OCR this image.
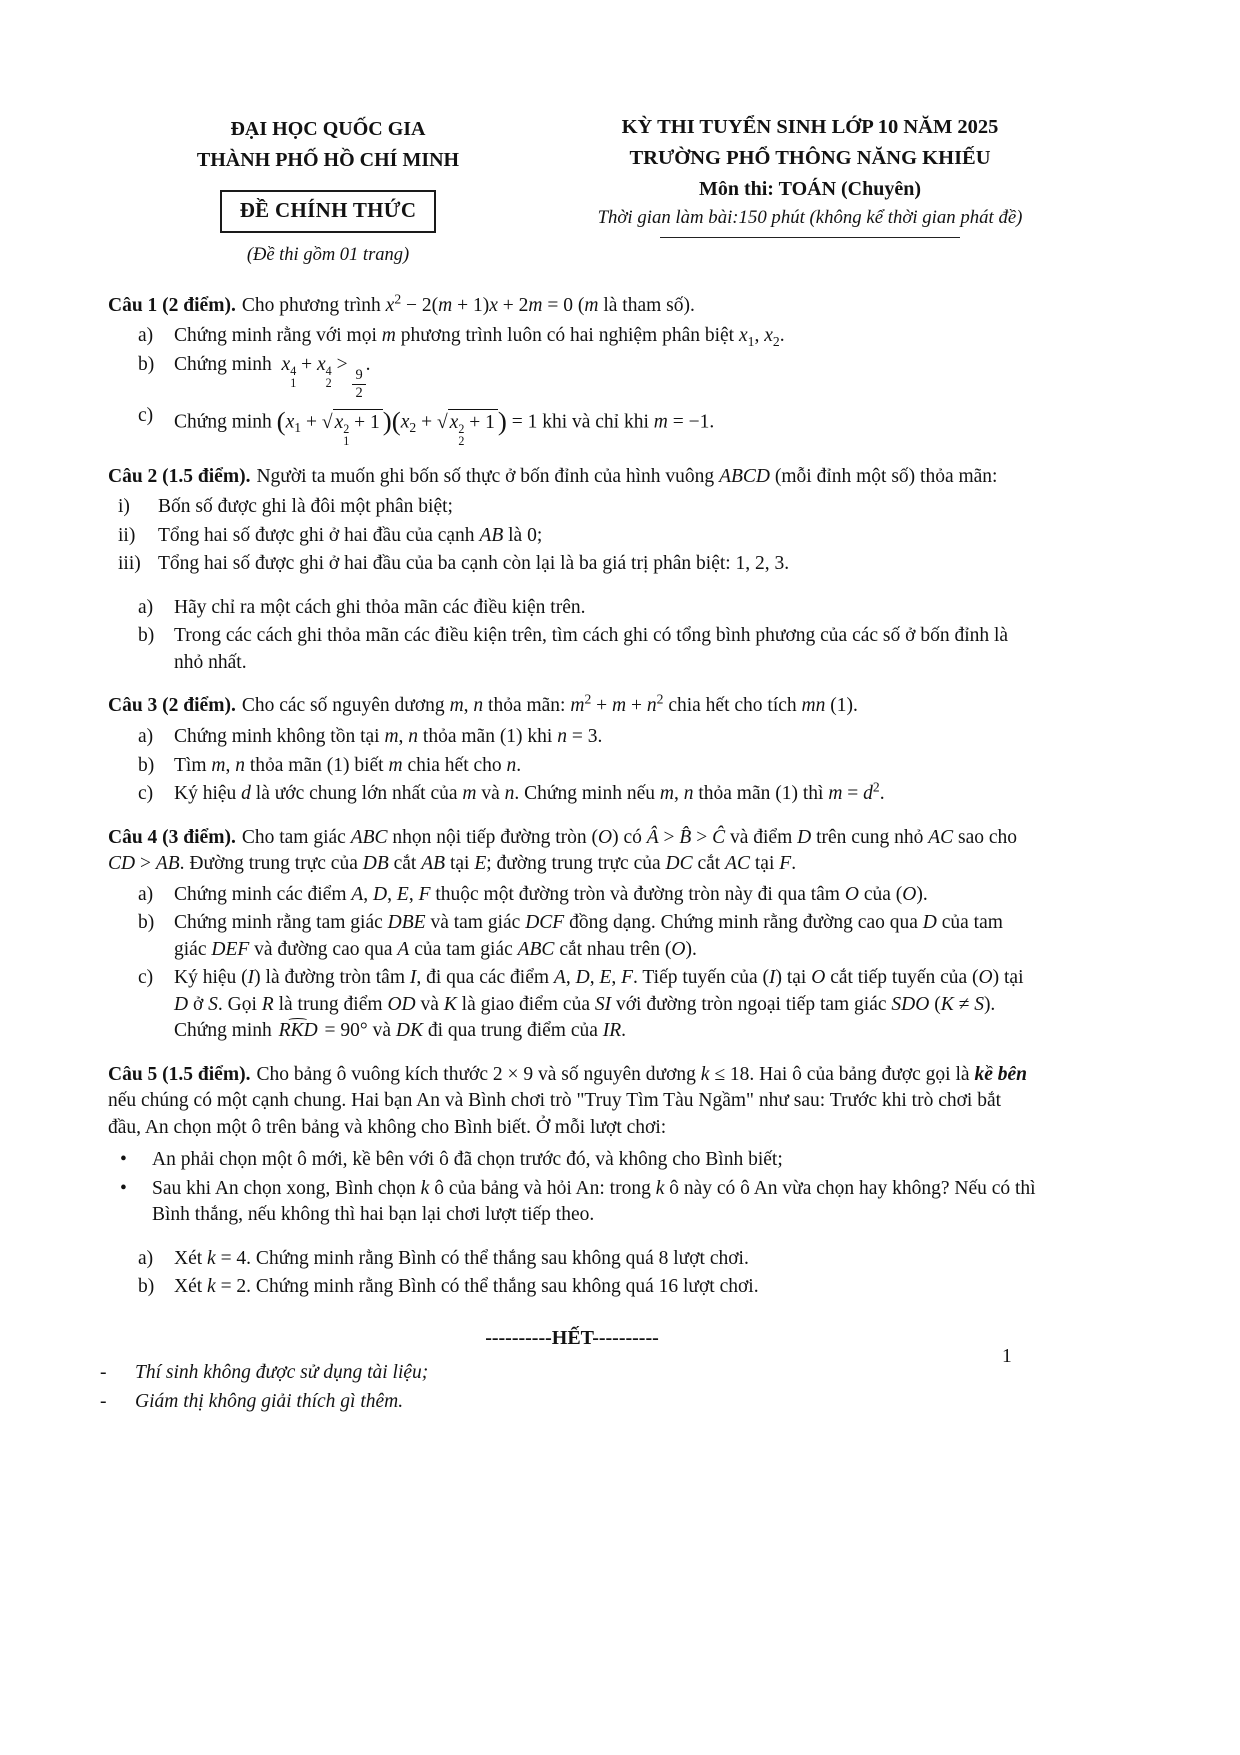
ĐẠI HỌC QUỐC GIA
THÀNH PHỐ HỒ CHÍ MINH
ĐỀ CHÍNH THỨC
(Đề thi gồm 01 trang)
KỲ THI TUYỂN SINH LỚP 10 NĂM 2025
TRƯỜNG PHỔ THÔNG NĂNG KHIẾU
Môn thi: TOÁN (Chuyên)
Thời gian làm bài:150 phút (không kể thời gian phát đề)

Câu 1 (2 điểm). Cho phương trình $x^2 - 2(m + 1)x + 2m = 0$ (m là tham số).

a)	Chứng minh rằng với mọi m phương trình luôn có hai nghiệm phân biệt $x_1$, $x_2$.
b)	Chứng minh  x 4
1
+ x 4
2
>
$\frac{9}{2}$
.
c)	Chứng minh ($x_1$ + √ x 2
1
+ 1 )($x_2$ + √ x 2
2
+ 1 ) = 1 khi và chỉ khi m = −1.

Câu 2 (1.5 điểm). Người ta muốn ghi bốn số thực ở bốn đỉnh của hình vuông ABCD (mỗi đỉnh một số) thỏa mãn:

i)	Bốn số được ghi là đôi một phân biệt;
ii)	Tổng hai số được ghi ở hai đầu của cạnh AB là 0;
iii) Tổng hai số được ghi ở hai đầu của ba cạnh còn lại là ba giá trị phân biệt: 1, 2, 3.
a)	Hãy chỉ ra một cách ghi thỏa mãn các điều kiện trên.
b)	Trong các cách ghi thỏa mãn các điều kiện trên, tìm cách ghi có tổng bình phương của các số ở bốn đỉnh là nhỏ nhất.

Câu 3 (2 điểm). Cho các số nguyên dương m, n thỏa mãn: $m^2 + m + n^2$ chia hết cho tích mn (1).

a)	Chứng minh không tồn tại m, n thỏa mãn (1) khi n = 3.
b)	Tìm m, n thỏa mãn (1) biết m chia hết cho n.
c)	Ký hiệu d là ước chung lớn nhất của m và n. Chứng minh nếu m, n thỏa mãn (1) thì $m = d^2$.

Câu 4 (3 điểm). Cho tam giác ABC nhọn nội tiếp đường tròn (O) có Â > B̂ > Ĉ và điểm D trên cung nhỏ AC sao cho CD > AB. Đường trung trực của DB cắt AB tại E; đường trung trực của DC cắt AC tại F.

a)	Chứng minh các điểm A, D, E, F thuộc một đường tròn và đường tròn này đi qua tâm O của (O).
b)	Chứng minh rằng tam giác DBE và tam giác DCF đồng dạng. Chứng minh rằng đường cao qua D của tam giác DEF và đường cao qua A của tam giác ABC cắt nhau trên (O).
c)	Ký hiệu (I) là đường tròn tâm I, đi qua các điểm A, D, E, F. Tiếp tuyến của (I) tại O cắt tiếp tuyến của (O) tại D ở S. Gọi R là trung điểm OD và K là giao điểm của SI với đường tròn ngoại tiếp tam giác SDO (K ≠ S). Chứng minh ⌢ RKD = 90° và DK đi qua trung điểm của IR.

Câu 5 (1.5 điểm). Cho bảng ô vuông kích thước 2 × 9 và số nguyên dương k ≤ 18. Hai ô của bảng được gọi là kề bên nếu chúng có một cạnh chung. Hai bạn An và Bình chơi trò "Truy Tìm Tàu Ngầm" như sau: Trước khi trò chơi bắt đầu, An chọn một ô trên bảng và không cho Bình biết. Ở mỗi lượt chơi:

•	An phải chọn một ô mới, kề bên với ô đã chọn trước đó, và không cho Bình biết;
•	Sau khi An chọn xong, Bình chọn k ô của bảng và hỏi An: trong k ô này có ô An vừa chọn hay không? Nếu có thì Bình thắng, nếu không thì hai bạn lại chơi lượt tiếp theo.
a)	Xét k = 4. Chứng minh rằng Bình có thể thắng sau không quá 8 lượt chơi.
b)	Xét k = 2. Chứng minh rằng Bình có thể thắng sau không quá 16 lượt chơi.
----------HẾT----------
-	Thí sinh không được sử dụng tài liệu;
-	Giám thị không giải thích gì thêm.
1
